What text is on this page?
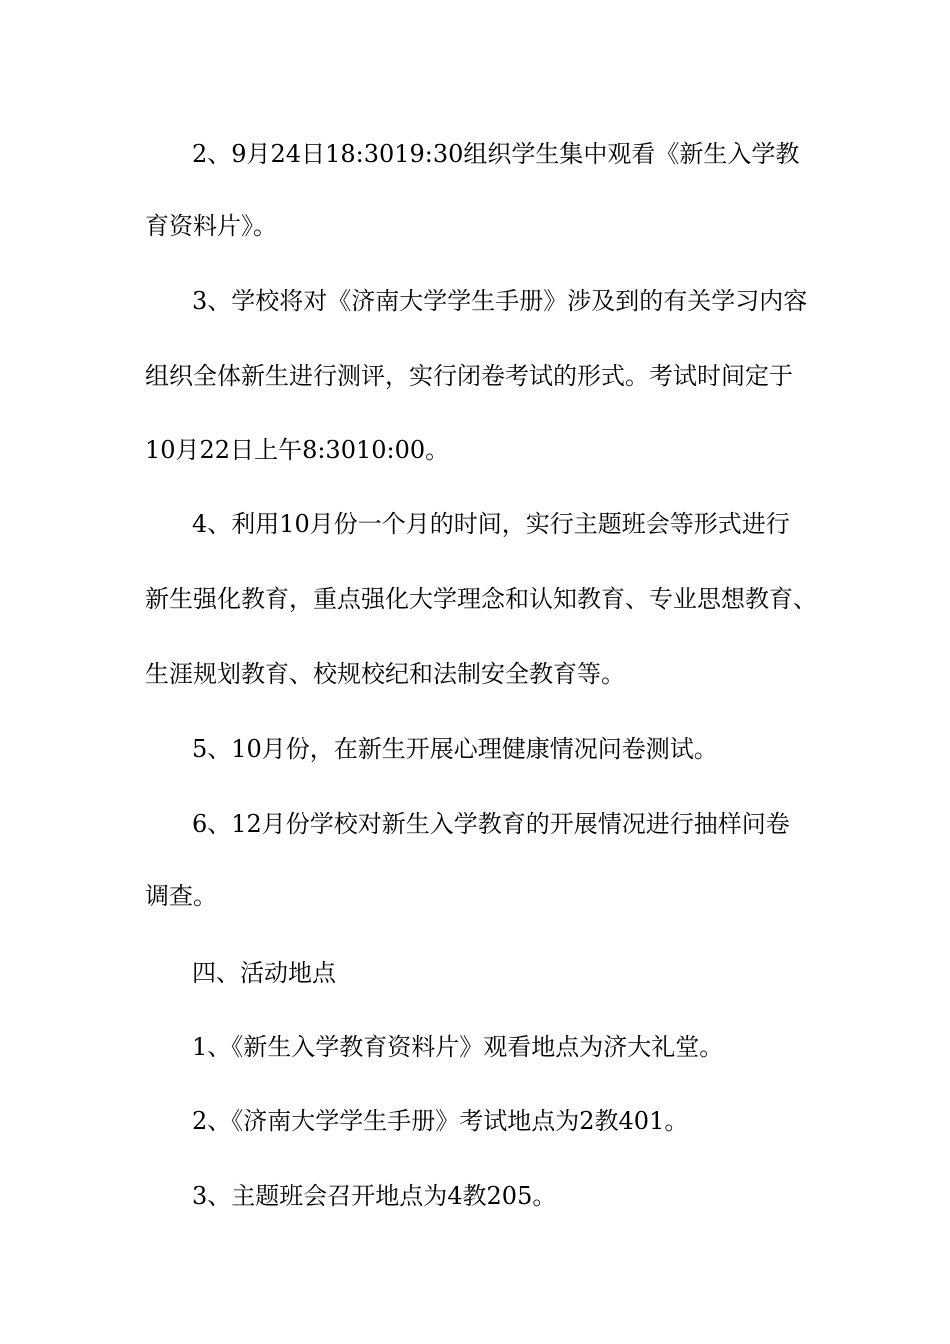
2、9月24日18:3019:30组织学生集中观看《新生入学教
育资料片》。
3、学校将对《济南大学学生手册》涉及到的有关学习内容
组织全体新生进行测评，实行闭卷考试的形式。考试时间定于
10月22日上午8:3010:00。
4、利用10月份一个月的时间，实行主题班会等形式进行
新生强化教育，重点强化大学理念和认知教育、专业思想教育、
生涯规划教育、校规校纪和法制安全教育等。
5、10月份，在新生开展心理健康情况问卷测试。
6、12月份学校对新生入学教育的开展情况进行抽样问卷
调查。
四、活动地点
1、《新生入学教育资料片》观看地点为济大礼堂。
2、《济南大学学生手册》考试地点为2教401。
3、主题班会召开地点为4教205。
